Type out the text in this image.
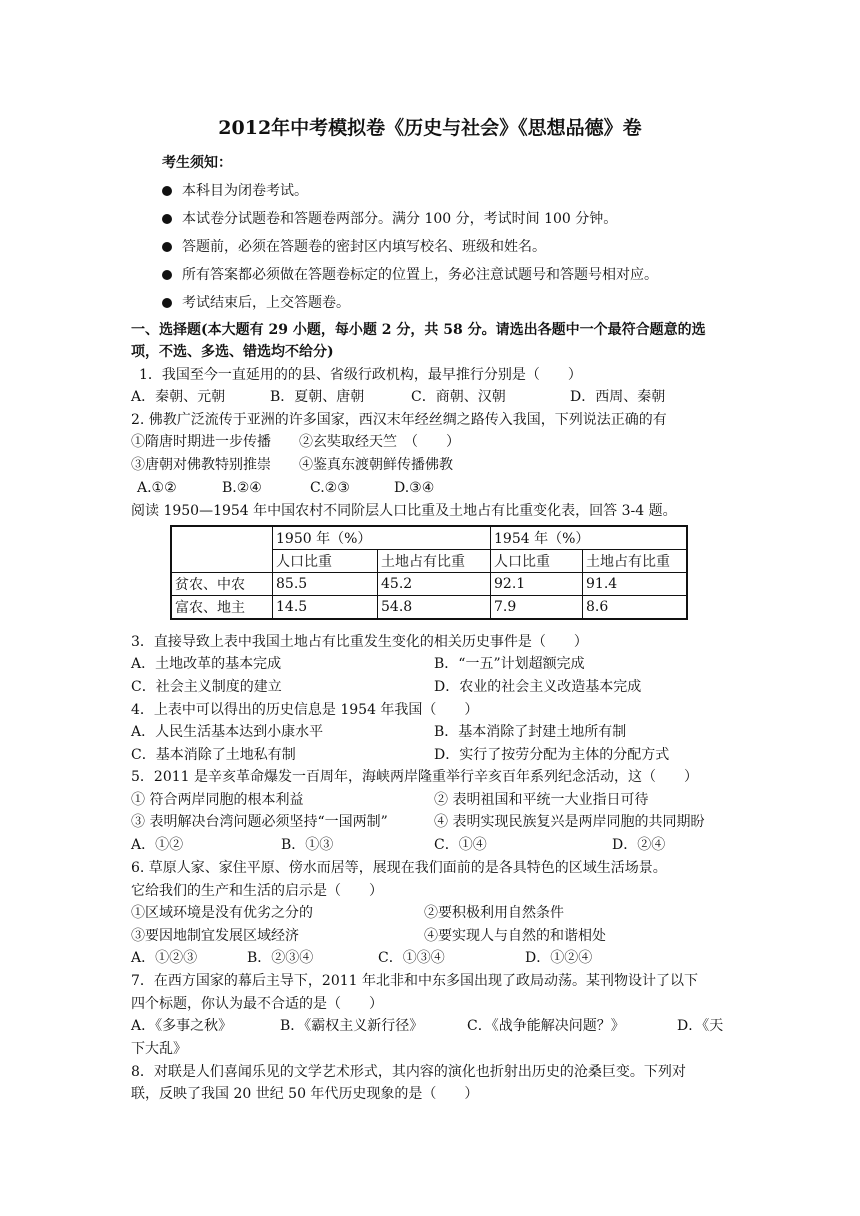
2012年中考模拟卷《历史与社会》《思想品德》卷
考生须知：
本科目为闭卷考试。
本试卷分试题卷和答题卷两部分。满分 100 分，考试时间 100 分钟。
答题前，必须在答题卷的密封区内填写校名、班级和姓名。
所有答案都必须做在答题卷标定的位置上，务必注意试题号和答题号相对应。
考试结束后，上交答题卷。
一、选择题(本大题有 29 小题，每小题 2 分，共 58 分。请选出各题中一个最符合题意的选
项，不选、多选、错选均不给分)
1．我国至今一直延用的的县、省级行政机构，最早推行分别是（　　）
A．秦朝、元朝	B．夏朝、唐朝	C．商朝、汉朝	D．西周、秦朝
2. 佛教广泛流传于亚洲的许多国家，西汉末年经丝绸之路传入我国，下列说法正确的有
①隋唐时期进一步传播　　②玄奘取经天竺　（　　）
③唐朝对佛教特别推崇　　④鉴真东渡朝鲜传播佛教
A.①②	B.②④	C.②③	D.③④
阅读 1950—1954 年中国农村不同阶层人口比重及土地占有比重变化表，回答 3-4 题。
	1950 年（%）		1954 年（%）	
	人口比重	土地占有比重	人口比重	土地占有比重
贫农、中农	85.5	45.2	92.1	91.4
富农、地主	14.5	54.8	7.9	8.6
3．直接导致上表中我国土地占有比重发生变化的相关历史事件是（　　）
A．土地改革的基本完成	B．“一五”计划超额完成
C．社会主义制度的建立	D．农业的社会主义改造基本完成
4．上表中可以得出的历史信息是 1954 年我国（　　）
A．人民生活基本达到小康水平	B．基本消除了封建土地所有制
C．基本消除了土地私有制	D．实行了按劳分配为主体的分配方式
5．2011 是辛亥革命爆发一百周年，海峡两岸隆重举行辛亥百年系列纪念活动，这（　　）
① 符合两岸同胞的根本利益	② 表明祖国和平统一大业指日可待
③ 表明解决台湾问题必须坚持“一国两制”	④ 表明实现民族复兴是两岸同胞的共同期盼
A．①②	B．①③	C．①④	D．②④
6. 草原人家、家住平原、傍水而居等，展现在我们面前的是各具特色的区域生活场景。
它给我们的生产和生活的启示是（　　）
①区域环境是没有优劣之分的	②要积极利用自然条件
③要因地制宜发展区域经济	④要实现人与自然的和谐相处
A．①②③	B．②③④	C．①③④	D．①②④
7．在西方国家的幕后主导下，2011 年北非和中东多国出现了政局动荡。某刊物设计了以下
四个标题，你认为最不合适的是（　　）
A．《多事之秋》	B．《霸权主义新行径》	C．《战争能解决问题？》	D．《天
下大乱》
8．对联是人们喜闻乐见的文学艺术形式，其内容的演化也折射出历史的沧桑巨变。下列对
联，反映了我国 20 世纪 50 年代历史现象的是（　　）
